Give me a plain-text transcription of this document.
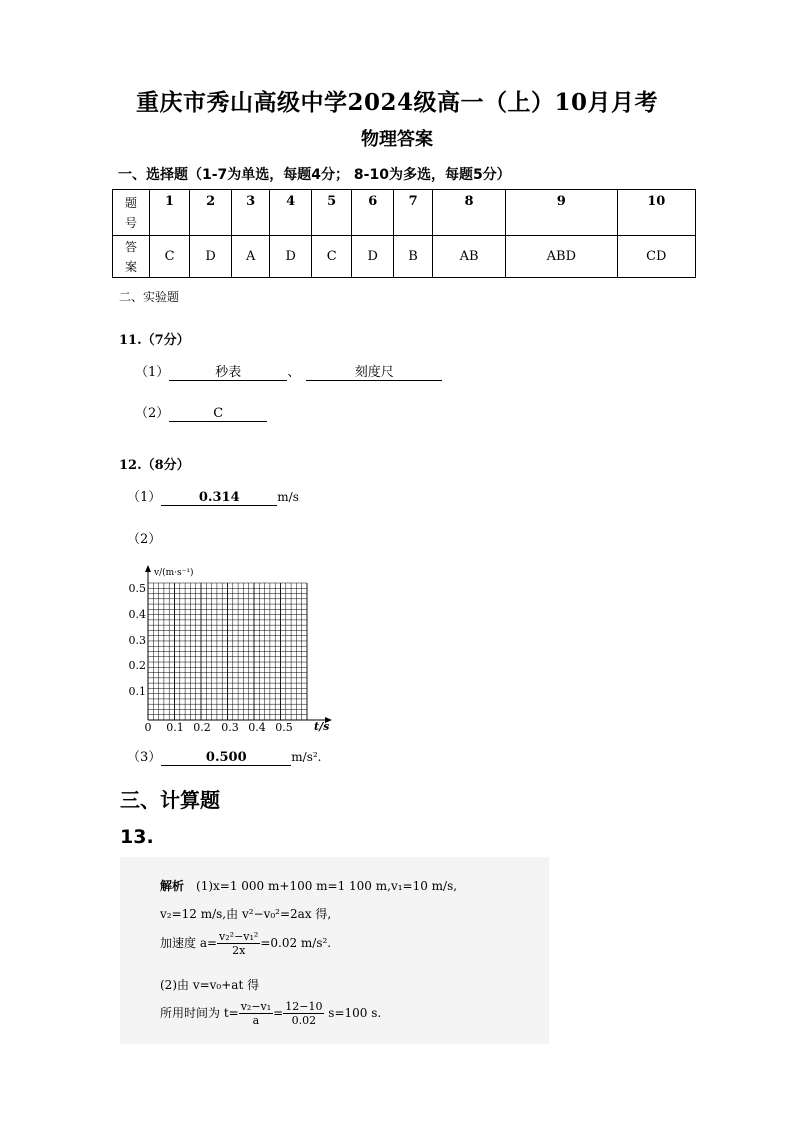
重庆市秀山高级中学2024级高一（上）10月月考
物理答案
一、选择题（1-7为单选，每题4分； 8-10为多选，每题5分）
题
号	1	2	3	4	5	6	7	8	9	10
答
案	C	D	A	D	C	D	B	AB	ABD	CD
二、实验题
11.（7分）
（1）	秒表	、	刻度尺
（2）	C
12.（8分）
（1）	0.314	m/s
（2）
v/(m·s⁻¹)
t/s
0.5
0.4
0.3
0.2
0.1
0 0.1 0.2 0.3 0.4 0.5
（3）	0.500	m/s².
三、计算题
13.
解析 (1)x=1 000 m+100 m=1 100 m,v₁=10 m/s,
v₂=12 m/s,由 v²−v₀²=2ax 得,
加速度 $a= \frac{\text{v₂²−v₁²}}{2x} =0.02$ m/s².
(2)由 v=v₀+at 得
所用时间为 $t= \frac{\text{v₂−v₁}}{a} = \frac{12-10}{0.02} s=100$ s.
